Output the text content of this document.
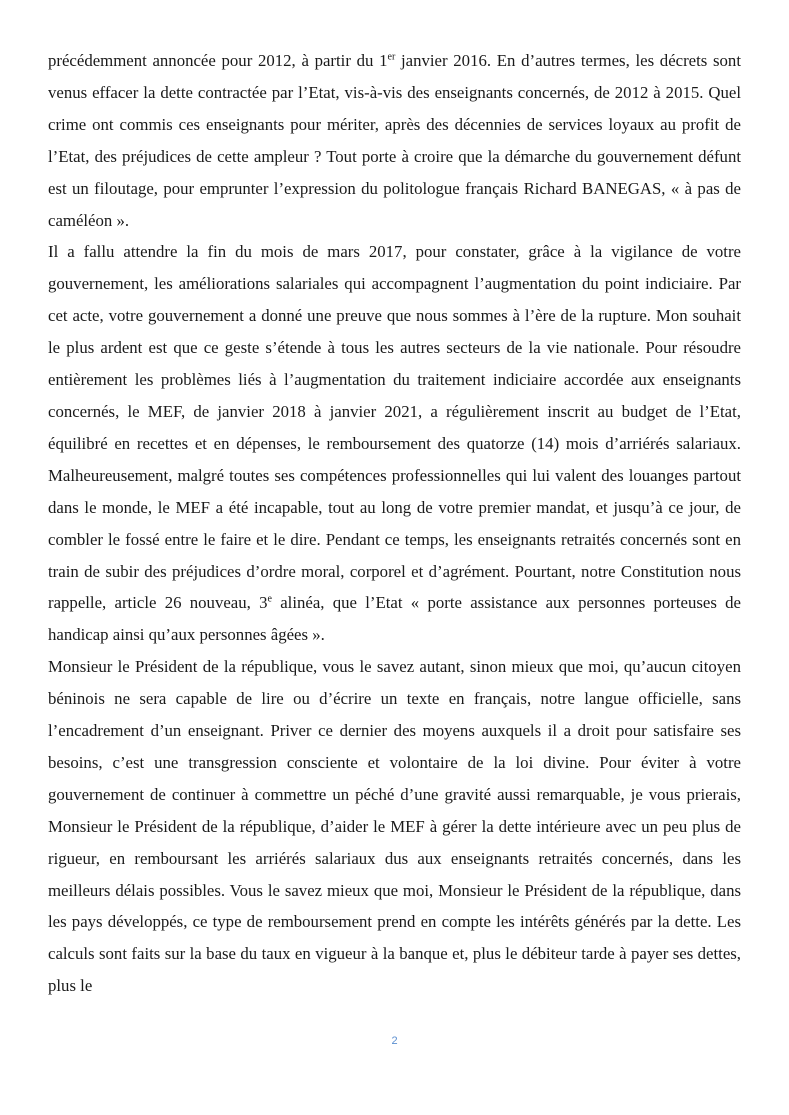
précédemment annoncée pour 2012, à partir du 1er janvier 2016. En d’autres termes, les décrets sont venus effacer la dette contractée par l’Etat, vis-à-vis des enseignants concernés, de 2012 à 2015. Quel crime ont commis ces enseignants pour mériter, après des décennies de services loyaux au profit de l’Etat, des préjudices de cette ampleur ? Tout porte à croire que la démarche du gouvernement défunt est un filoutage, pour emprunter l’expression du politologue français Richard BANEGAS, « à pas de caméléon ».

Il a fallu attendre la fin du mois de mars 2017, pour constater, grâce à la vigilance de votre gouvernement, les améliorations salariales qui accompagnent l’augmentation du point indiciaire. Par cet acte, votre gouvernement a donné une preuve que nous sommes à l’ère de la rupture. Mon souhait le plus ardent est que ce geste s’étende à tous les autres secteurs de la vie nationale. Pour résoudre entièrement les problèmes liés à l’augmentation du traitement indiciaire accordée aux enseignants concernés, le MEF, de janvier 2018 à janvier 2021, a régulièrement inscrit au budget de l’Etat, équilibré en recettes et en dépenses, le remboursement des quatorze (14) mois d’arriérés salariaux. Malheureusement, malgré toutes ses compétences professionnelles qui lui valent des louanges partout dans le monde, le MEF a été incapable, tout au long de votre premier mandat, et jusqu’à ce jour, de combler le fossé entre le faire et le dire. Pendant ce temps, les enseignants retraités concernés sont en train de subir des préjudices d’ordre moral, corporel et d’agrément. Pourtant, notre Constitution nous rappelle, article 26 nouveau, 3e alinéa, que l’Etat « porte assistance aux personnes porteuses de handicap ainsi qu’aux personnes âgées ».

Monsieur le Président de la république, vous le savez autant, sinon mieux que moi, qu’aucun citoyen béninois ne sera capable de lire ou d’écrire un texte en français, notre langue officielle, sans l’encadrement d’un enseignant. Priver ce dernier des moyens auxquels il a droit pour satisfaire ses besoins, c’est une transgression consciente et volontaire de la loi divine. Pour éviter à votre gouvernement de continuer à commettre un péché d’une gravité aussi remarquable, je vous prierais, Monsieur le Président de la république, d’aider le MEF à gérer la dette intérieure avec un peu plus de rigueur, en remboursant les arriérés salariaux dus aux enseignants retraités concernés, dans les meilleurs délais possibles. Vous le savez mieux que moi, Monsieur le Président de la république, dans les pays développés, ce type de remboursement prend en compte les intérêts générés par la dette. Les calculs sont faits sur la base du taux en vigueur à la banque et, plus le débiteur tarde à payer ses dettes, plus le

2
